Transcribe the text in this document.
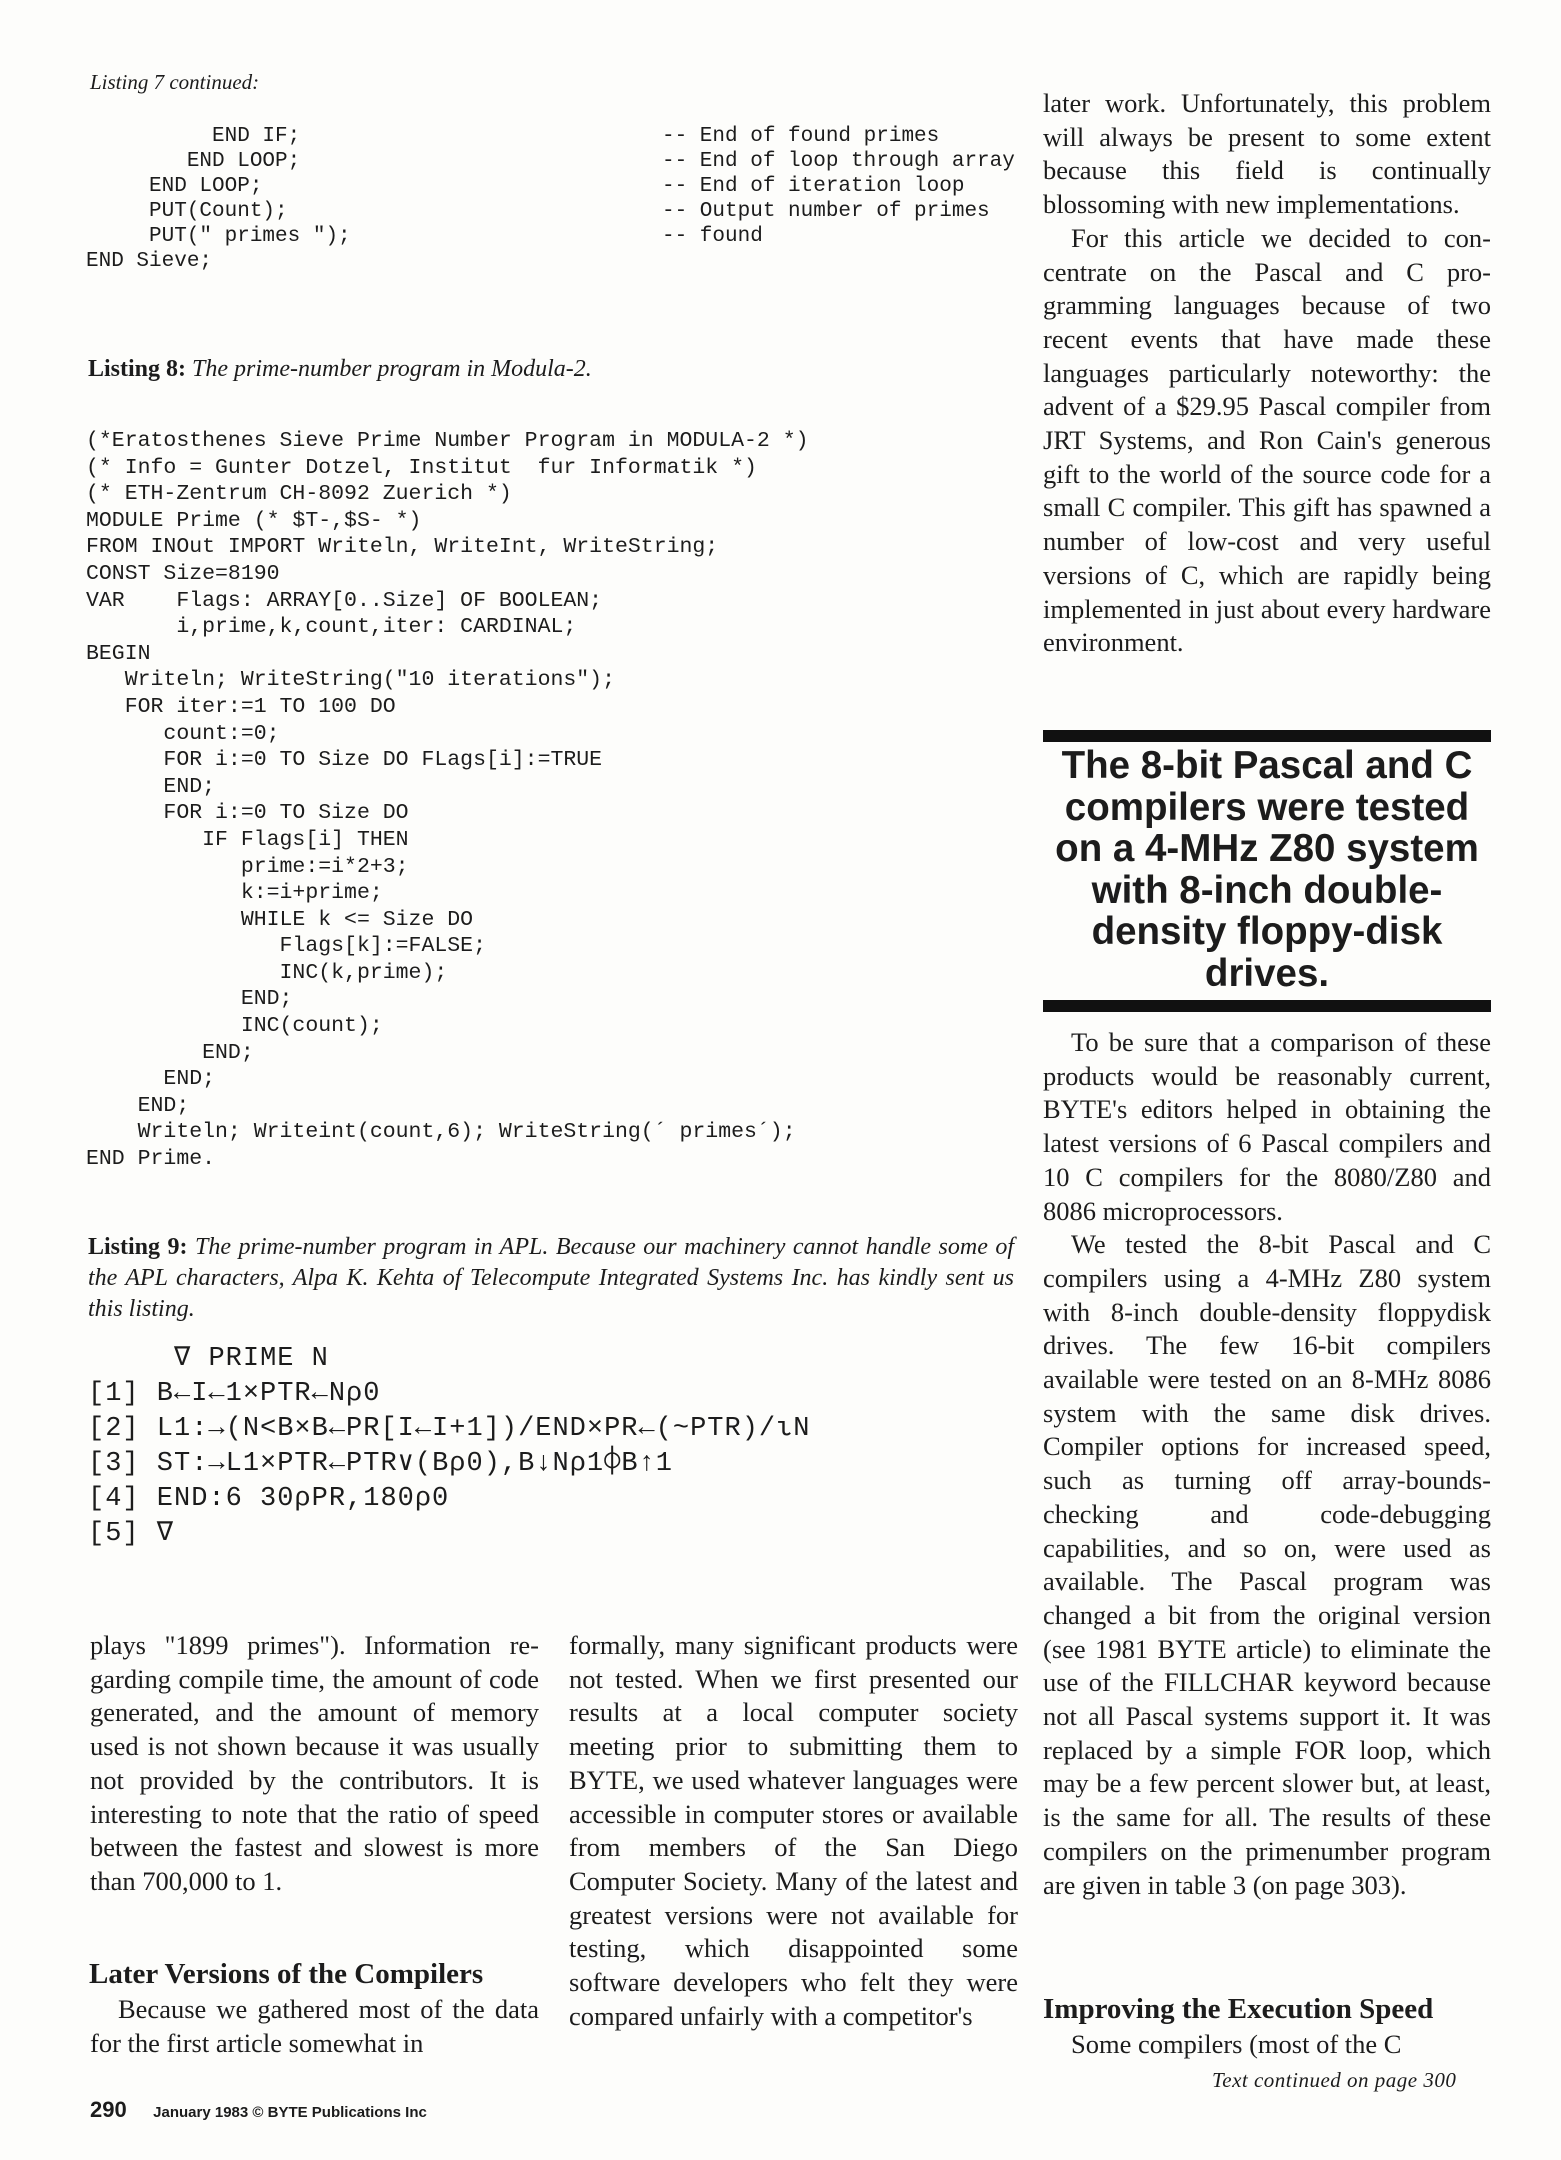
Listing 7 continued:
END IF;
END LOOP;
END LOOP;
PUT(Count);
PUT(" primes ");
END Sieve;
-- End of found primes
-- End of loop through array
-- End of iteration loop
-- Output number of primes
-- found
Listing 8: The prime-number program in Modula-2.
(*Eratosthenes Sieve Prime Number Program in MODULA-2 *)
(* Info = Gunter Dotzel, Institut  fur Informatik *)
(* ETH-Zentrum CH-8092 Zuerich *)
MODULE Prime (* $T-,$S- *)
FROM INOut IMPORT Writeln, WriteInt, WriteString;
CONST Size=8190
VAR    Flags: ARRAY[0..Size] OF BOOLEAN;
i,prime,k,count,iter: CARDINAL;
BEGIN
Writeln; WriteString("10 iterations");
FOR iter:=1 TO 100 DO
count:=0;
FOR i:=0 TO Size DO FLags[i]:=TRUE
END;
FOR i:=0 TO Size DO
IF Flags[i] THEN
prime:=i*2+3;
k:=i+prime;
WHILE k <= Size DO
Flags[k]:=FALSE;
INC(k,prime);
END;
INC(count);
END;
END;
END;
Writeln; Writeint(count,6); WriteString(´ primes´);
END Prime.
Listing 9: The prime-number program in APL. Because our machinery cannot handle some of the APL characters, Alpa K. Kehta of Telecompute Integrated Systems Inc. has kindly sent us this listing.
∇ PRIME N
[1] B←I←1×PTR←Nρ0
[2] L1:→(N<B×B←PR[I←I+1])/END×PR←(~PTR)/ιN
[3] ST:→L1×PTR←PTR∨(Bρ0),B↓Nρ1⌽B↑1
[4] END:6 30ρPR,180ρ0
[5] ∇

plays "1899 primes"). Information regarding compile time, the amount of code generated, and the amount of memory used is not shown because it was usually not provided by the contributors. It is interesting to note that the ratio of speed between the fastest and slowest is more than 700,000 to 1.

Later Versions of the Compilers

Because we gathered most of the data for the first article somewhat in

formally, many significant products were not tested. When we first presented our results at a local computer society meeting prior to submitting them to BYTE, we used whatever languages were accessible in computer stores or available from members of the San Diego Computer Society. Many of the latest and greatest versions were not available for testing, which disappointed some software developers who felt they were compared unfairly with a competitor's

later work. Unfortunately, this problem will always be present to some extent because this field is continually blossoming with new implementations.

For this article we decided to concentrate on the Pascal and C programming languages because of two recent events that have made these languages particularly noteworthy: the advent of a $29.95 Pascal compiler from JRT Systems, and Ron Cain's generous gift to the world of the source code for a small C compiler. This gift has spawned a number of low-cost and very useful versions of C, which are rapidly being implemented in just about every hardware environment.

The 8-bit Pascal and C compilers were tested on a 4-MHz Z80 system with 8-inch double-density floppy-disk drives.

To be sure that a comparison of these products would be reasonably current, BYTE's editors helped in obtaining the latest versions of 6 Pascal compilers and 10 C compilers for the 8080/Z80 and 8086 microprocessors.

We tested the 8-bit Pascal and C compilers using a 4-MHz Z80 system with 8-inch double-density floppydisk drives. The few 16-bit compilers available were tested on an 8-MHz 8086 system with the same disk drives. Compiler options for increased speed, such as turning off array-bounds-checking and code-debugging capabilities, and so on, were used as available. The Pascal program was changed a bit from the original version (see 1981 BYTE article) to eliminate the use of the FILLCHAR keyword because not all Pascal systems support it. It was replaced by a simple FOR loop, which may be a few percent slower but, at least, is the same for all. The results of these compilers on the primenumber program are given in table 3 (on page 303).

Improving the Execution Speed

Some compilers (most of the C

Text continued on page 300
290 January 1983 © BYTE Publications Inc
